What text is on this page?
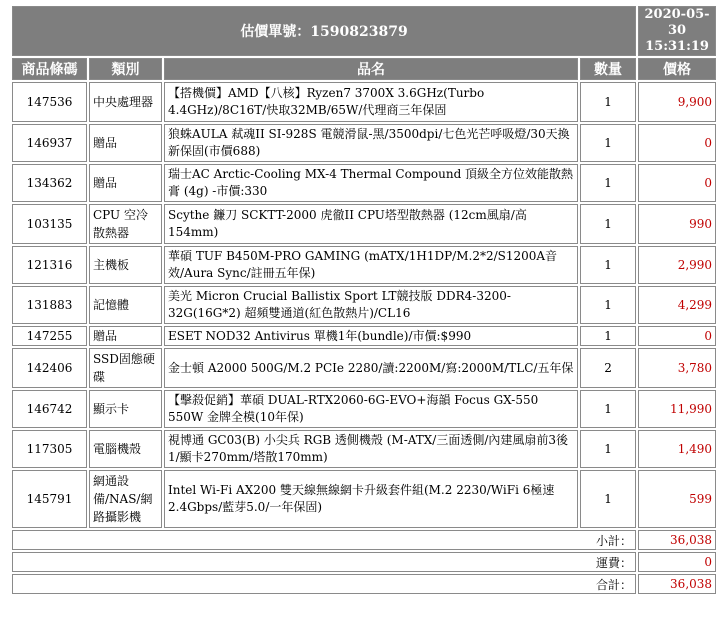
估價單號：1590823879				2020-05-30
15:31:19

商品條碼	類別	品名	數量	價格
147536	中央處理器	【搭機價】AMD【八核】Ryzen7 3700X 3.6GHz(Turbo 4.4GHz)/8C16T/快取32MB/65W/代理商三年保固	1	9,900
146937	贈品	狼蛛AULA 弒魂II SI-928S 電競滑鼠-黑/3500dpi/七色光芒呼吸燈/30天換新保固(市價688)	1	0
134362	贈品	瑞士AC Arctic-Cooling MX-4 Thermal Compound 頂級全方位效能散熱膏 (4g) -市價:330	1	0
103135	CPU 空冷散熱器	Scythe 鐮刀 SCKTT-2000 虎徹II CPU塔型散熱器 (12cm風扇/高154mm)	1	990
121316	主機板	華碩 TUF B450M-PRO GAMING (mATX/1H1DP/M.2*2/S1200A音效/Aura Sync/註冊五年保)	1	2,990
131883	記憶體	美光 Micron Crucial Ballistix Sport LT競技版 DDR4-3200-32G(16G*2) 超頻雙通道(紅色散熱片)/CL16	1	4,299
147255	贈品	ESET NOD32 Antivirus 單機1年(bundle)/市價:$990	1	0
142406	SSD固態硬碟	金士頓 A2000 500G/M.2 PCIe 2280/讀:2200M/寫:2000M/TLC/五年保	2	3,780
146742	顯示卡	【擊殺促銷】華碩 DUAL-RTX2060-6G-EVO+海韻 Focus GX-550 550W 金牌全模(10年保)	1	11,990
117305	電腦機殼	視博通 GC03(B) 小尖兵 RGB 透側機殼 (M-ATX/三面透側/內建風扇前3後1/顯卡270mm/塔散170mm)	1	1,490
145791	網通設備/NAS/網路攝影機	Intel Wi-Fi AX200 雙天線無線網卡升級套件組(M.2 2230/WiFi 6極速 2.4Gbps/藍芽5.0/一年保固)	1	599
小計：				36,038
運費：				0
合計：				36,038
